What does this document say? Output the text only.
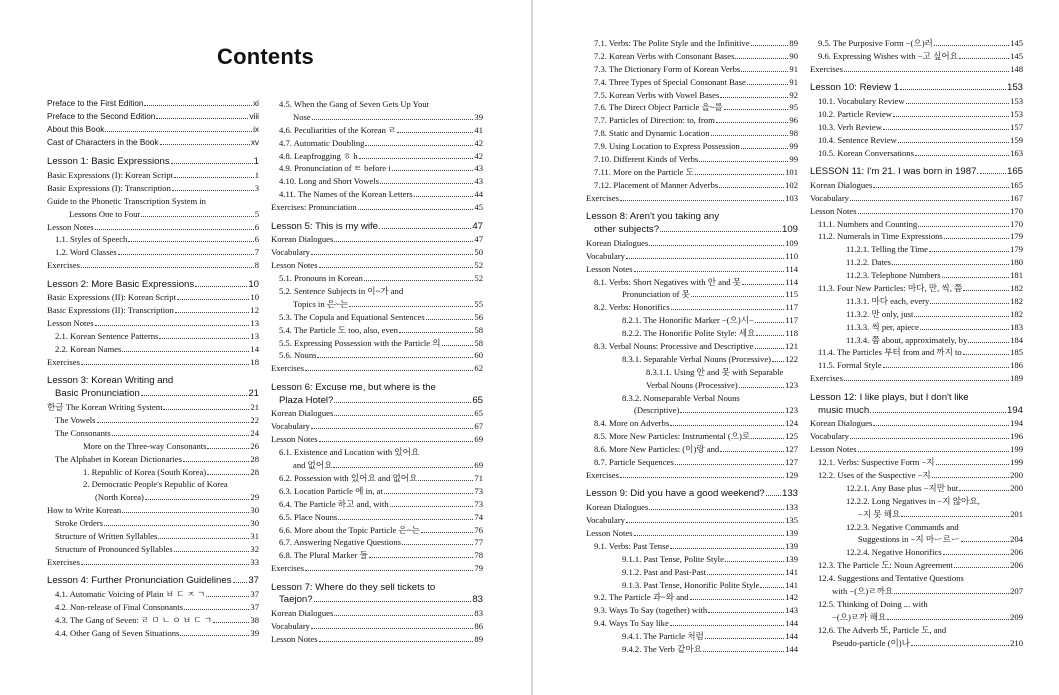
Contents
Preface to the First Edition	xi
Preface to the Second Edition	viii
About this Book	ix
Cast of Characters in the Book	xv
Lesson 1: Basic Expressions	1
Basic Expressions (I): Korean Script	1
Basic Expressions (I): Transcription	3
Guide to the Phonetic Transcription System in
Lessons One to Four	5
Lesson Notes	6
1.1. Styles of Speech	6
1.2. Word Classes	7
Exercises	8
Lesson 2: More Basic Expressions	10
Basic Expressions (II): Korean Script	10
Basic Expressions (II): Transcription	12
Lesson Notes	13
2.1. Korean Sentence Patterns	13
2.2. Korean Names	14
Exercises	18
Lesson 3: Korean Writing and
Basic Pronunciation	21
한글 The Korean Writing System	21
The Vowels	22
The Consonants	24
More on the Three-way Consonants	26
The Alphabet in Korean Dictionaries	28
1. Republic of Korea (South Korea)	28
2. Democratic People's Republic of Korea
(North Korea)	29
How to Write Korean	30
Stroke Orders	30
Structure of Written Syllables	31
Structure of Pronounced Syllables	32
Exercises	33
Lesson 4: Further Pronunciation Guidelines 37
4.1. Automatic Voicing of Plain ㅂ ㄷ ㅈ ㄱ	37
4.2. Non-release of Final Consonants	37
4.3. The Gang of Seven: ㄹ ㅁ ㄴ ㅇ ㅂ ㄷ ㄱ	38
4.4. Other Gang of Seven Situations	39
4.5. When the Gang of Seven Gets Up Your
Nose	39
4.6. Peculiarities of the Korean ㄹ	41
4.7. Automatic Doubling	42
4.8. Leapfrogging ㅎ h	42
4.9. Pronunciation of ㅌ before i	43
4.10. Long and Short Vowels	43
4.11. The Names of the Korean Letters	44
Exercises: Pronunciation	45
Lesson 5: This is my wife.	47
Korean Dialogues	47
Vocabulary	50
Lesson Notes	52
5.1. Pronouns in Korean	52
5.2. Sentence Subjects in 이~가 and
Topics in 은~는	55
5.3. The Copula and Equational Sentences	56
5.4. The Particle 도 too, also, even	58
5.5. Expressing Possession with the Particle 의	58
5.6. Nouns	60
Exercises	62
Lesson 6: Excuse me, but where is the
Plaza Hotel?	65
Korean Dialogues	65
Vocabulary	67
Lesson Notes	69
6.1. Existence and Location with 있어요
and 없어요	69
6.2. Possession with 있어요 and 없어요	71
6.3. Location Particle 에 in, at	73
6.4. The Particle 하고 and, with	73
6.5. Place Nouns	74
6.6. More about the Topic Particle 은~는	76
6.7. Answering Negative Questions	77
6.8. The Plural Marker 들	78
Exercises	79
Lesson 7: Where do they sell tickets to
Taejon?	83
Korean Dialogues	83
Vocabulary	86
Lesson Notes	89
7.1. Verbs: The Polite Style and the Infinitive	89
7.2. Korean Verbs with Consonant Bases	90
7.3. The Dictionary Form of Korean Verbs	91
7.4. Three Types of Special Consonant Base	91
7.5. Korean Verbs with Vowel Bases	92
7.6. The Direct Object Particle 을~를	95
7.7. Particles of Direction: to, from	96
7.8. Static and Dynamic Location	98
7.9. Using Location to Express Possession	99
7.10. Different Kinds of Verbs	99
7.11. More on the Particle 도	101
7.12. Placement of Manner Adverbs	102
Exercises	103
Lesson 8: Aren't you taking any
other subjects?	109
Korean Dialogues	109
Vocabulary	110
Lesson Notes	114
8.1. Verbs: Short Negatives with 안 and 못	114
Pronunciation of 못	115
8.2. Verbs: Honorifics	117
8.2.1. The Honorific Marker −(으)시−	117
8.2.2. The Honorific Polite Style: 세요	118
8.3. Verbal Nouns: Processive and Descriptive	121
8.3.1. Separable Verbal Nouns (Processive) 122
8.3.1.1. Using 안 and 못 with Separable
Verbal Nouns (Processive)	123
8.3.2. Nonseparable Verbal Nouns
(Descriptive)	123
8.4. More on Adverbs	124
8.5. More New Particles: Instrumental (으)로	125
8.6. More New Particles: (이)랑 and	127
8.7. Particle Sequences	127
Exercises	129
Lesson 9: Did you have a good weekend? 133
Korean Dialogues	133
Vocabulary	135
Lesson Notes	139
9.1. Verbs: Past Tense	139
9.1.1. Past Tense, Polite Style	139
9.1.2. Past and Past-Past	141
9.1.3. Past Tense, Honorific Polite Style	141
9.2. The Particle 과~와 and	142
9.3. Ways To Say (together) with	143
9.4. Ways To Say like	144
9.4.1. The Particle 처럼	144
9.4.2. The Verb 같아요	144
9.5. The Purposive Form −(으)러	145
9.6. Expressing Wishes with −고 싶어요	145
Exercises	148
Lesson 10: Review 1	153
10.1. Vocabulary Review	153
10.2. Particle Review	153
10.3. Verb Review	157
10.4. Sentence Review	159
10.5. Korean Conversations	163
LESSON 11: I'm 21. I was born in 1987.	165
Korean Dialogues	165
Vocabulary	167
Lesson Notes	170
11.1. Numbers and Counting	170
11.2. Numerals in Time Expressions	179
11.2.1. Telling the Time	179
11.2.2. Dates	180
11.2.3. Telephone Numbers	181
11.3. Four New Particles: 마다, 만, 씩, 쯤	182
11.3.1. 마다 each, every	182
11.3.2. 만 only, just	182
11.3.3. 씩 per, apiece	183
11.3.4. 쯤 about, approximately, by	184
11.4. The Particles 부터 from and 까지 to	185
11.5. Formal Style	186
Exercises	189
Lesson 12: I like plays, but I don't like
music much.	194
Korean Dialogues	194
Vocabulary	196
Lesson Notes	199
12.1. Verbs: Suspective Form −지	199
12.2. Uses of the Suspective −지	200
12.2.1. Any Base plus −지만 but	200
12.2.2. Long Negatives in −지 않아요,
−지 못 해요	201
12.2.3. Negative Commands and
Suggestions in −지 마ー르ー	204
12.2.4. Negative Honorifics	206
12.3. The Particle 도: Noun Agreement	206
12.4. Suggestions and Tentative Questions
with −(으)ㄹ까요	207
12.5. Thinking of Doing ... with
−(으)ㄹ까 해요	209
12.6. The Adverb 또, Particle 도, and
Pseudo-particle (이)나	210
